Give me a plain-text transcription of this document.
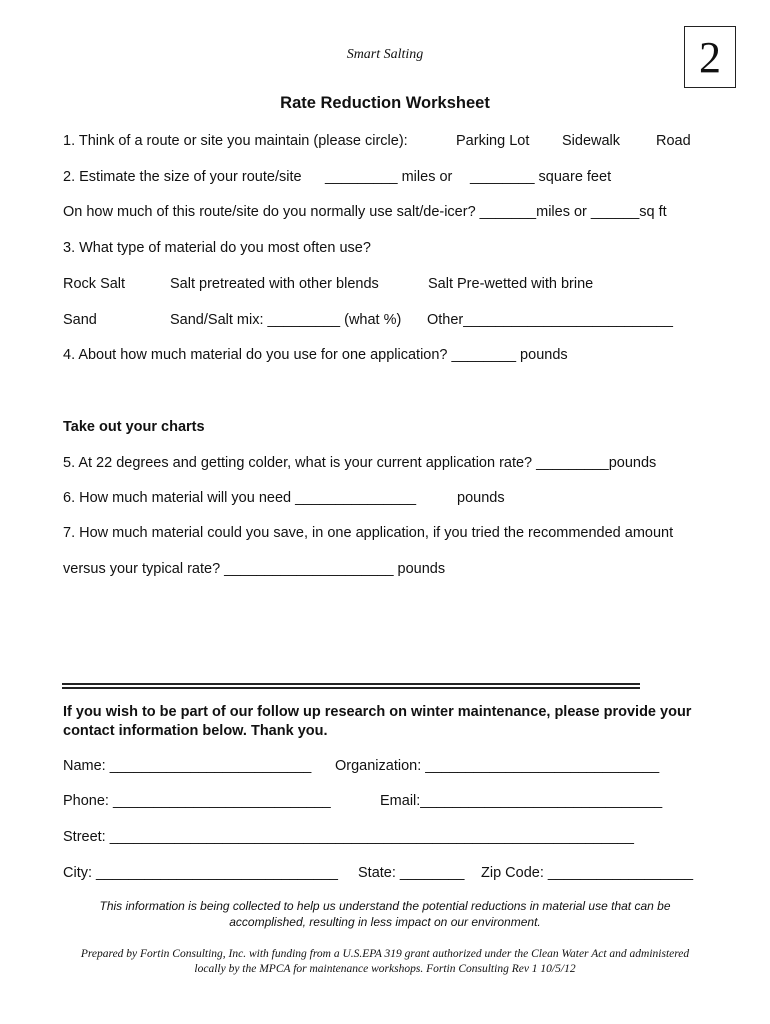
2
Smart Salting
Rate Reduction Worksheet
1. Think of a route or site you maintain (please circle):	Parking Lot Sidewalk Road
2. Estimate the size of your route/site _________ miles or ________ square feet
On how much of this route/site do you normally use salt/de-icer? _______miles or ______sq ft
3. What type of material do you most often use?
Rock Salt	Salt pretreated with other blends	Salt Pre-wetted with brine
Sand	Sand/Salt mix: _________ (what %) Other__________________________
4. About how much material do you use for one application? ________ pounds
Take out your charts
5. At 22 degrees and getting colder, what is your current application rate? _________pounds
6. How much material will you need _______________	pounds
7. How much material could you save, in one application, if you tried the recommended amount
versus your typical rate? _____________________ pounds
If you wish to be part of our follow up research on winter maintenance, please provide your contact information below. Thank you.
Name: _________________________ Organization: _____________________________
Phone: ___________________________	Email:______________________________
Street: _________________________________________________________________
City: ______________________________ State: ________ Zip Code: __________________
This information is being collected to help us understand the potential reductions in material use that can be accomplished, resulting in less impact on our environment.
Prepared by Fortin Consulting, Inc. with funding from a U.S.EPA 319 grant authorized under the Clean Water Act and administered locally by the MPCA for maintenance workshops. Fortin Consulting Rev 1 10/5/12
